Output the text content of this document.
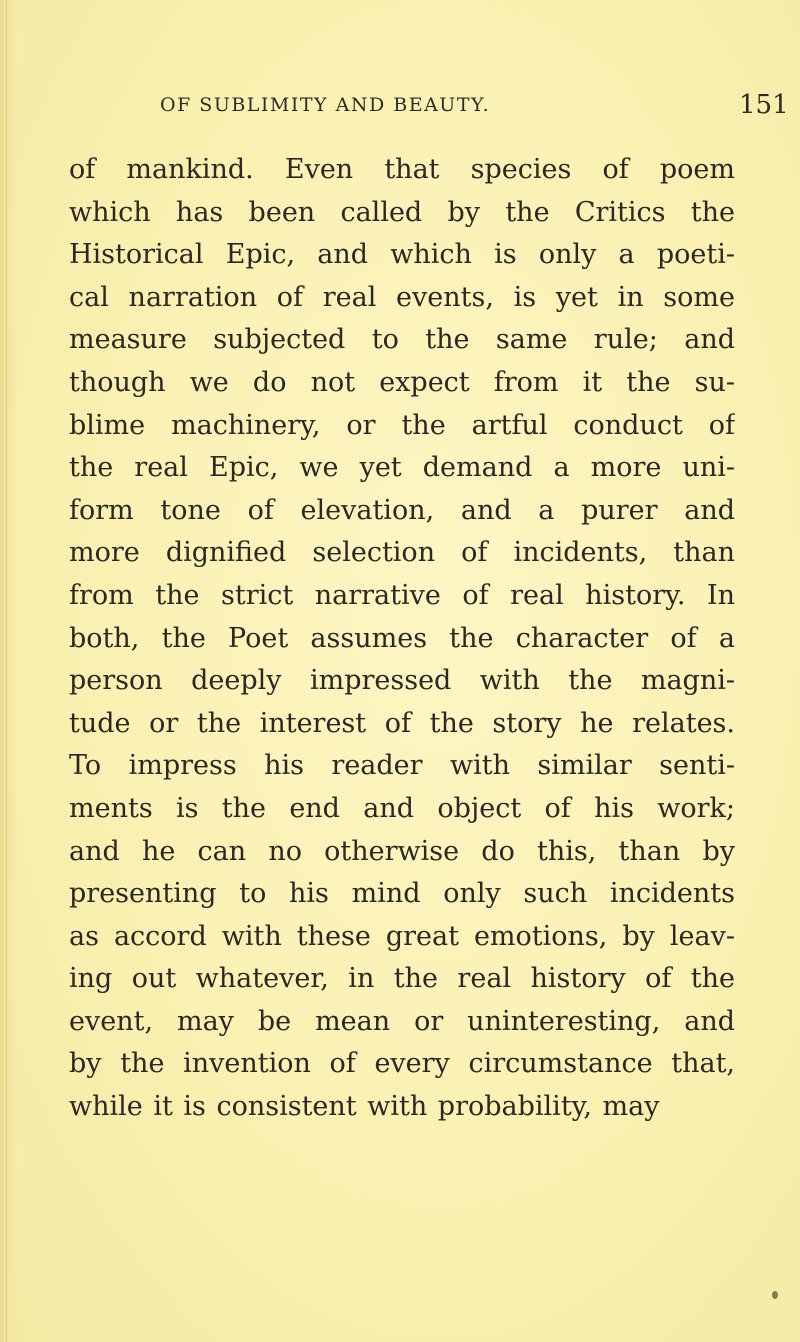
OF SUBLIMITY AND BEAUTY.	151
of mankind. Even that species of poem
which has been called by the Critics the
Historical Epic, and which is only a poeti-
cal narration of real events, is yet in some
measure subjected to the same rule; and
though we do not expect from it the su-
blime machinery, or the artful conduct of
the real Epic, we yet demand a more uni-
form tone of elevation, and a purer and
more dignified selection of incidents, than
from the strict narrative of real history. In
both, the Poet assumes the character of a
person deeply impressed with the magni-
tude or the interest of the story he relates.
To impress his reader with similar senti-
ments is the end and object of his work;
and he can no otherwise do this, than by
presenting to his mind only such incidents
as accord with these great emotions, by leav-
ing out whatever, in the real history of the
event, may be mean or uninteresting, and
by the invention of every circumstance that,
while it is consistent with probability, may
